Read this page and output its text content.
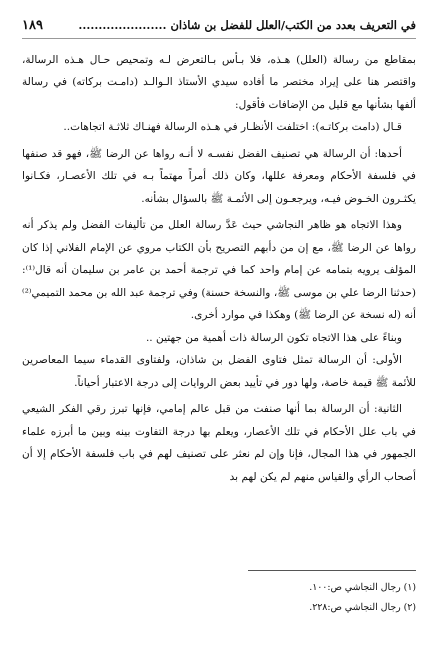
في التعريف بعدد من الكتب/العلل للفضل بن شاذان ......................
١٨٩

بمقاطع من رسالة (العلل) هـذه، فلا بـأس بـالتعرض لـه وتمحيص حـال هـذه الرسالة، واقتصر هنا على إيراد مختصر ما أفاده سيدي الأستاذ الـوالـد (دامـت بركاته) في رسالة ألفها بشأنها مع قليل من الإضافات فأقول:

قـال (دامت بركاتـه): اختلفت الأنظـار في هـذه الرسالة فهنـاك ثلاثـة اتجاهات..

أحدها: أن الرسالة هي تصنيف الفضل نفسـه لا أنـه رواها عن الرضا ﷺ، فهو قد صنفها في فلسفة الأحكام ومعرفة عللها، وكان ذلك أمراً مهتماً بـه في تلك الأعصـار، فكـانوا يكثـرون الخـوض فيـه، ويرجعـون إلى الأئمـة ﷺ بالسؤال بشأنه.

وهذا الاتجاه هو ظاهر النجاشي حيث عَدَّ رسالة العلل من تأليفات الفضل ولم يذكر أنه رواها عن الرضا ﷺ، مع إن من دأبهم التصريح بأن الكتاب مروي عن الإمام الفلاني إذا كان المؤلف يرويه بتمامه عن إمام واحد كما في ترجمة أحمد بن عامر بن سليمان أنه قال⁽¹⁾: (حدثنا الرضا علي بن موسى ﷺ، والنسخة حسنة) وفي ترجمة عبد الله بن محمد التميمي⁽²⁾أنه (له نسخة عن الرضا ﷺ) وهكذا في موارد أخرى.

وبناءً على هذا الاتجاه تكون الرسالة ذات أهمية من جهتين ..

الأولى: أن الرسالة تمثل فتاوى الفضل بن شاذان، ولفتاوى القدماء سيما المعاصرين للأئمة ﷺ قيمة خاصة، ولها دور في تأييد بعض الروايات إلى درجة الاعتبار أحياناً.

الثانية: أن الرسالة بما أنها صنفت من قبل عالم إمامي، فإنها تبرز رقي الفكر الشيعي في باب علل الأحكام في تلك الأعصار، ويعلم بها درجة التفاوت بينه وبين ما أبرزه علماء الجمهور في هذا المجال، فإنا وإن لم نعثر على تصنيف لهم في باب فلسفة الأحكام إلا أن أصحاب الرأي والقياس منهم لم يكن لهم بد

(١) رجال النجاشي ص:١٠٠.

(٢) رجال النجاشي ص:٢٢٨.
